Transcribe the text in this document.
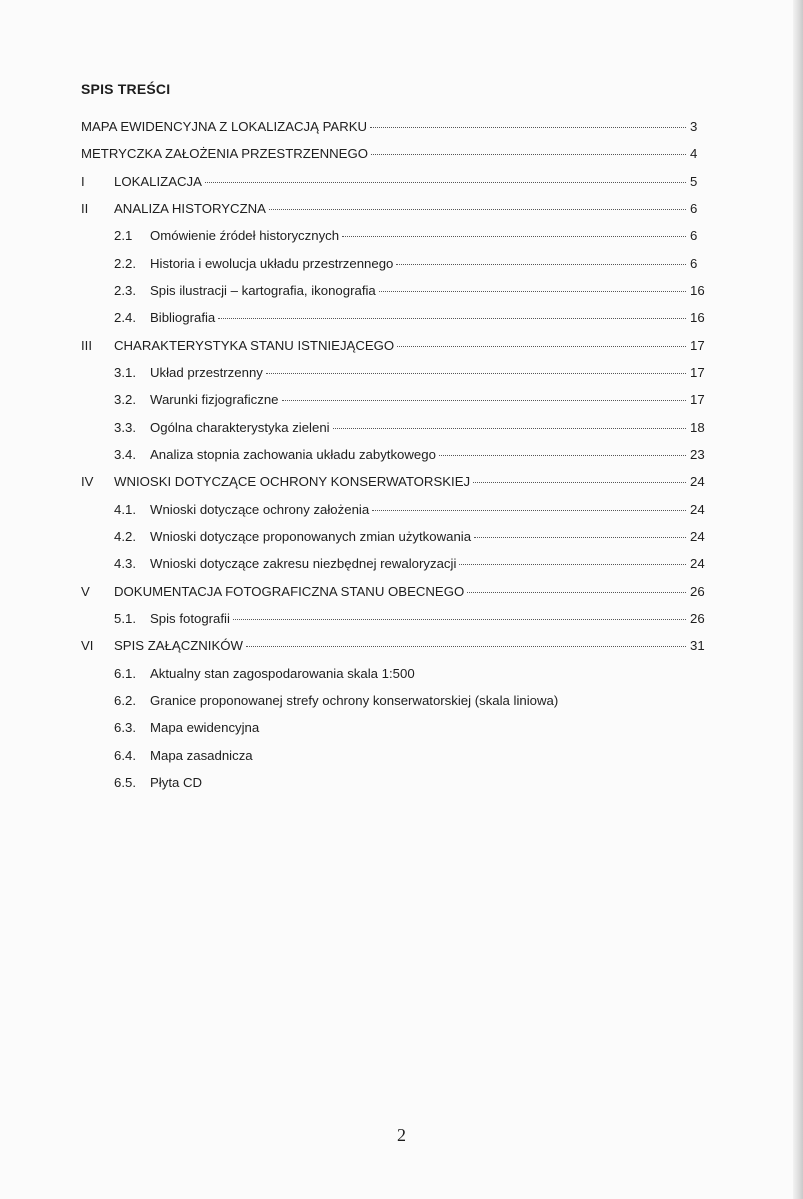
SPIS TREŚCI
MAPA EWIDENCYJNA Z LOKALIZACJĄ PARKU	3
METRYCZKA ZAŁOŻENIA PRZESTRZENNEGO	4
I	LOKALIZACJA	5
II	ANALIZA HISTORYCZNA	6
2.1	Omówienie źródeł historycznych	6
2.2.	Historia i ewolucja układu przestrzennego	6
2.3.	Spis ilustracji – kartografia, ikonografia	16
2.4.	Bibliografia	16
III	CHARAKTERYSTYKA STANU ISTNIEJĄCEGO	17
3.1.	Układ przestrzenny	17
3.2.	Warunki fizjograficzne	17
3.3.	Ogólna charakterystyka zieleni	18
3.4.	Analiza stopnia zachowania układu zabytkowego	23
IV	WNIOSKI DOTYCZĄCE OCHRONY KONSERWATORSKIEJ	24
4.1.	Wnioski dotyczące ochrony założenia	24
4.2.	Wnioski dotyczące proponowanych zmian użytkowania	24
4.3.	Wnioski dotyczące zakresu niezbędnej rewaloryzacji	24
V	DOKUMENTACJA FOTOGRAFICZNA STANU OBECNEGO	26
5.1.	Spis fotografii	26
VI	SPIS ZAŁĄCZNIKÓW	31
6.1.	Aktualny stan zagospodarowania skala 1:500
6.2.	Granice proponowanej strefy ochrony konserwatorskiej (skala liniowa)
6.3.	Mapa ewidencyjna
6.4.	Mapa zasadnicza
6.5.	Płyta CD
2
